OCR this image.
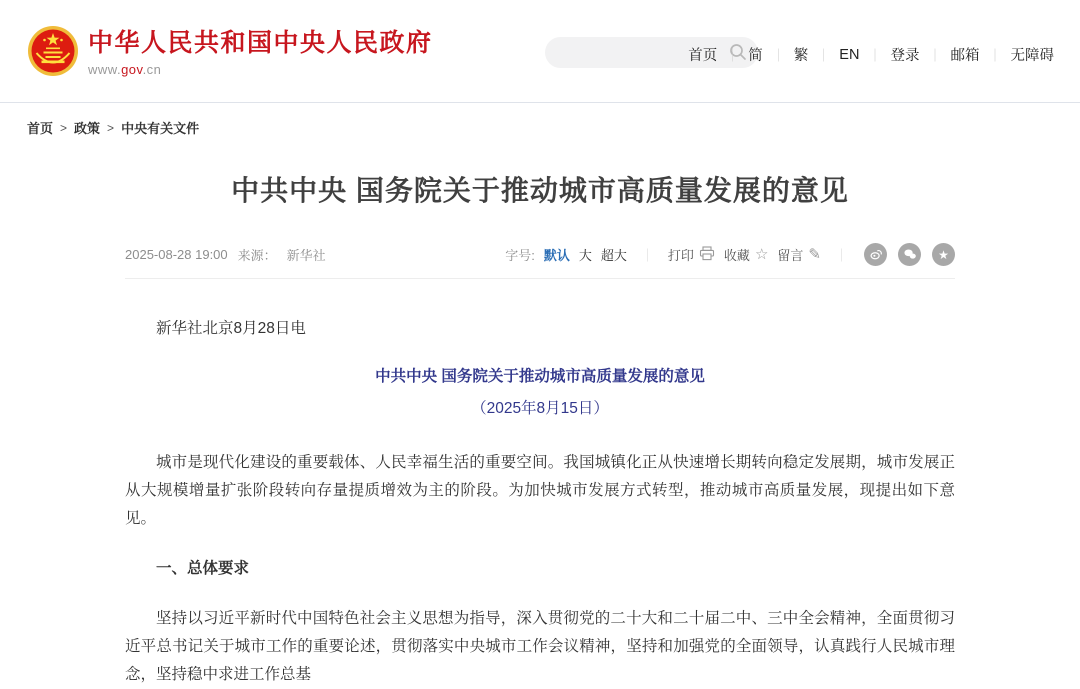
中华人民共和国中央人民政府
www.gov.cn
首页 ｜ 简 ｜ 繁 ｜ EN ｜ 登录 ｜ 邮箱 ｜ 无障碍
首页 > 政策 > 中央有关文件
中共中央 国务院关于推动城市高质量发展的意见
2025-08-28 19:00 来源： 新华社	字号: 默认 大 超大 ｜ 打印 收藏 ☆ 留言 ✎ ｜	★

新华社北京8月28日电

中共中央 国务院关于推动城市高质量发展的意见

（2025年8月15日）

城市是现代化建设的重要载体、人民幸福生活的重要空间。我国城镇化正从快速增长期转向稳定发展期，城市发展正从大规模增量扩张阶段转向存量提质增效为主的阶段。为加快城市发展方式转型，推动城市高质量发展，现提出如下意见。

一、总体要求

坚持以习近平新时代中国特色社会主义思想为指导，深入贯彻党的二十大和二十届二中、三中全会精神，全面贯彻习近平总书记关于城市工作的重要论述，贯彻落实中央城市工作会议精神，坚持和加强党的全面领导，认真践行人民城市理念，坚持稳中求进工作总基
